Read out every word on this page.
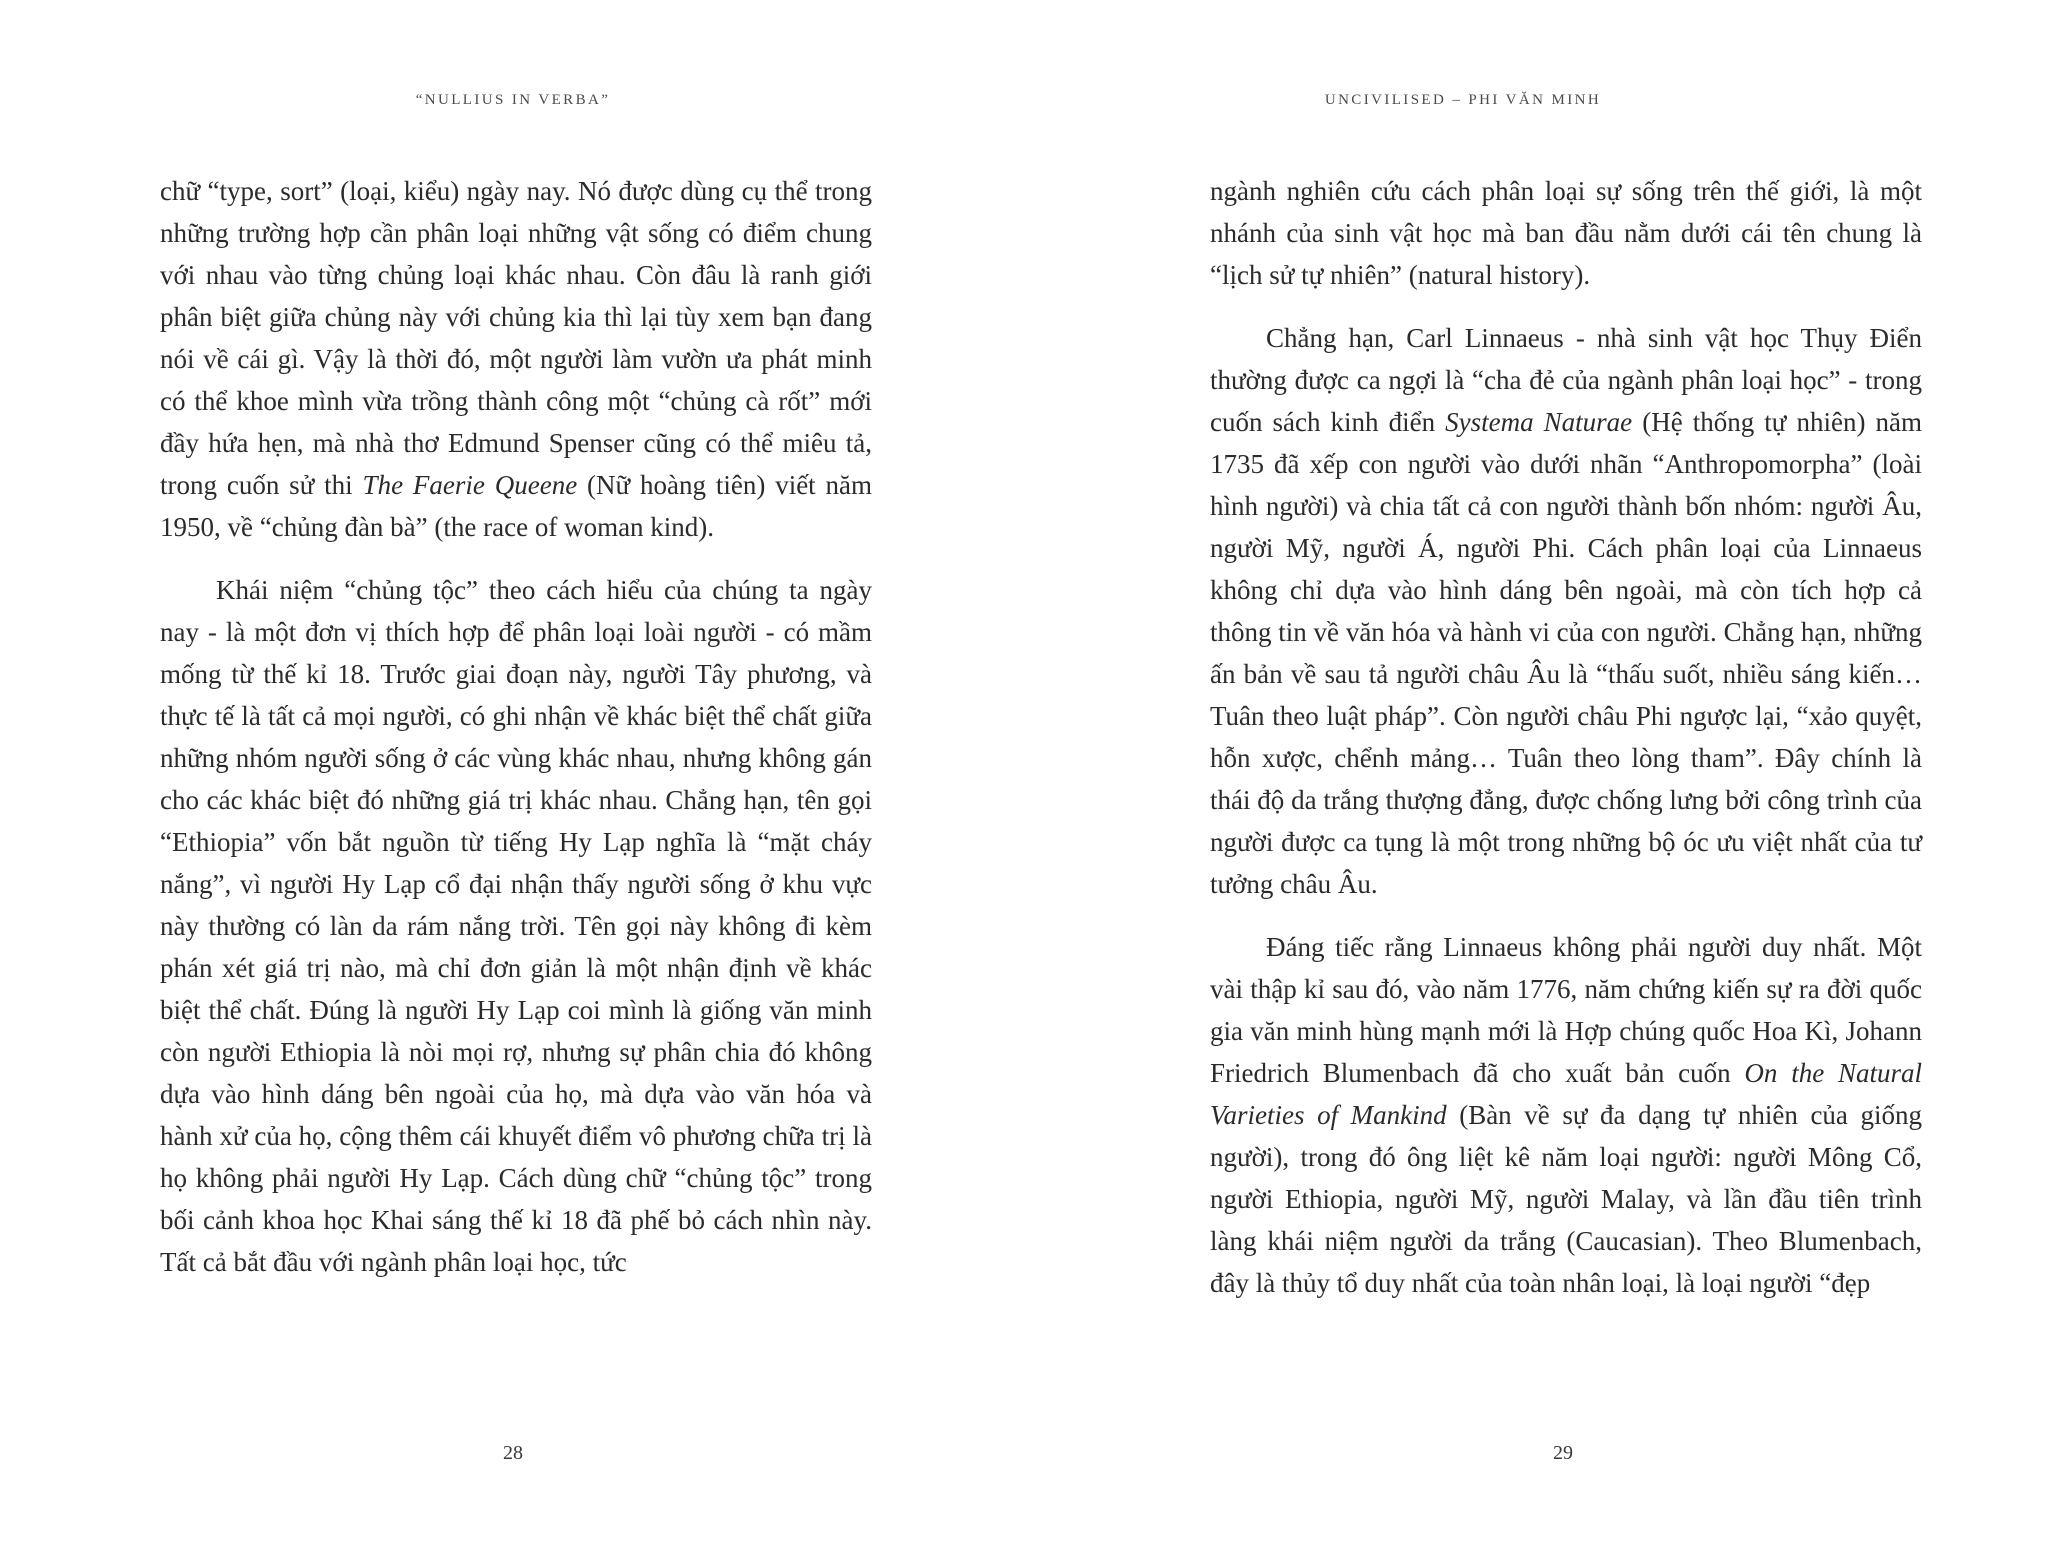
“NULLIUS IN VERBA”

chữ “type, sort” (loại, kiểu) ngày nay. Nó được dùng cụ thể trong những trường hợp cần phân loại những vật sống có điểm chung với nhau vào từng chủng loại khác nhau. Còn đâu là ranh giới phân biệt giữa chủng này với chủng kia thì lại tùy xem bạn đang nói về cái gì. Vậy là thời đó, một người làm vườn ưa phát minh có thể khoe mình vừa trồng thành công một “chủng cà rốt” mới đầy hứa hẹn, mà nhà thơ Edmund Spenser cũng có thể miêu tả, trong cuốn sử thi The Faerie Queene (Nữ hoàng tiên) viết năm 1950, về “chủng đàn bà” (the race of woman kind).

Khái niệm “chủng tộc” theo cách hiểu của chúng ta ngày nay - là một đơn vị thích hợp để phân loại loài người - có mầm mống từ thế kỉ 18. Trước giai đoạn này, người Tây phương, và thực tế là tất cả mọi người, có ghi nhận về khác biệt thể chất giữa những nhóm người sống ở các vùng khác nhau, nhưng không gán cho các khác biệt đó những giá trị khác nhau. Chẳng hạn, tên gọi “Ethiopia” vốn bắt nguồn từ tiếng Hy Lạp nghĩa là “mặt cháy nắng”, vì người Hy Lạp cổ đại nhận thấy người sống ở khu vực này thường có làn da rám nắng trời. Tên gọi này không đi kèm phán xét giá trị nào, mà chỉ đơn giản là một nhận định về khác biệt thể chất. Đúng là người Hy Lạp coi mình là giống văn minh còn người Ethiopia là nòi mọi rợ, nhưng sự phân chia đó không dựa vào hình dáng bên ngoài của họ, mà dựa vào văn hóa và hành xử của họ, cộng thêm cái khuyết điểm vô phương chữa trị là họ không phải người Hy Lạp. Cách dùng chữ “chủng tộc” trong bối cảnh khoa học Khai sáng thế kỉ 18 đã phế bỏ cách nhìn này. Tất cả bắt đầu với ngành phân loại học, tức

28
UNCIVILISED – PHI VĂN MINH

ngành nghiên cứu cách phân loại sự sống trên thế giới, là một nhánh của sinh vật học mà ban đầu nằm dưới cái tên chung là “lịch sử tự nhiên” (natural history).

Chẳng hạn, Carl Linnaeus - nhà sinh vật học Thụy Điển thường được ca ngợi là “cha đẻ của ngành phân loại học” - trong cuốn sách kinh điển Systema Naturae (Hệ thống tự nhiên) năm 1735 đã xếp con người vào dưới nhãn “Anthropomorpha” (loài hình người) và chia tất cả con người thành bốn nhóm: người Âu, người Mỹ, người Á, người Phi. Cách phân loại của Linnaeus không chỉ dựa vào hình dáng bên ngoài, mà còn tích hợp cả thông tin về văn hóa và hành vi của con người. Chẳng hạn, những ấn bản về sau tả người châu Âu là “thấu suốt, nhiều sáng kiến… Tuân theo luật pháp”. Còn người châu Phi ngược lại, “xảo quyệt, hỗn xược, chểnh mảng… Tuân theo lòng tham”. Đây chính là thái độ da trắng thượng đẳng, được chống lưng bởi công trình của người được ca tụng là một trong những bộ óc ưu việt nhất của tư tưởng châu Âu.

Đáng tiếc rằng Linnaeus không phải người duy nhất. Một vài thập kỉ sau đó, vào năm 1776, năm chứng kiến sự ra đời quốc gia văn minh hùng mạnh mới là Hợp chúng quốc Hoa Kì, Johann Friedrich Blumenbach đã cho xuất bản cuốn On the Natural Varieties of Mankind (Bàn về sự đa dạng tự nhiên của giống người), trong đó ông liệt kê năm loại người: người Mông Cổ, người Ethiopia, người Mỹ, người Malay, và lần đầu tiên trình làng khái niệm người da trắng (Caucasian). Theo Blumenbach, đây là thủy tổ duy nhất của toàn nhân loại, là loại người “đẹp

29
